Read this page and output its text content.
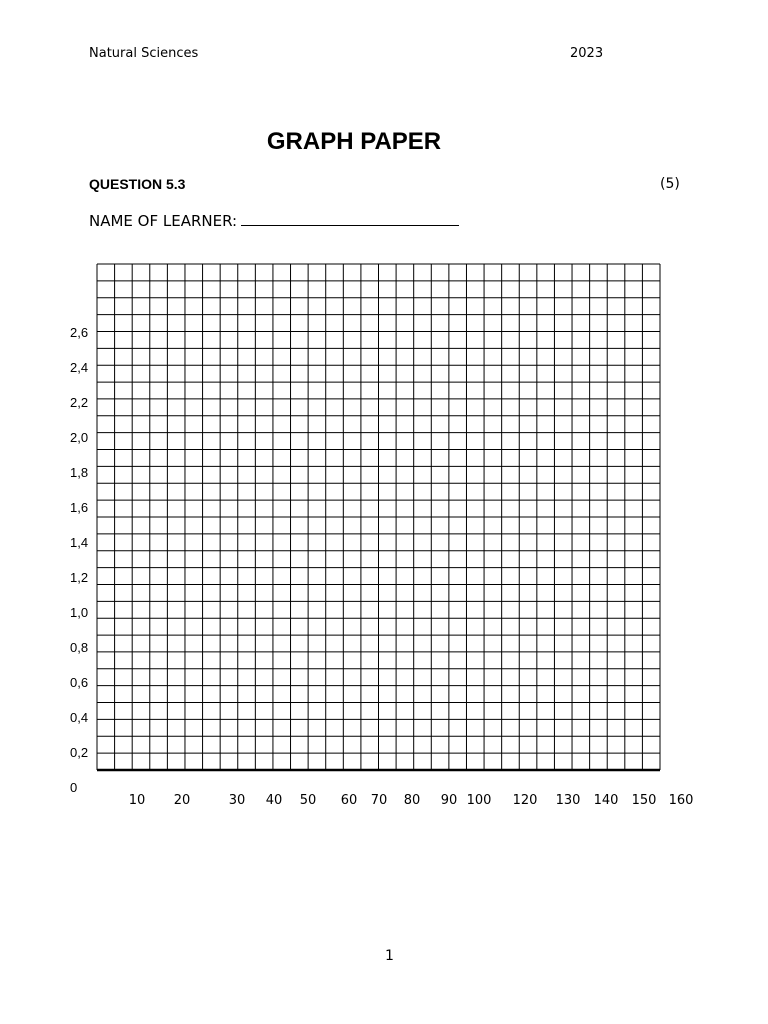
Natural Sciences	2023
GRAPH PAPER
QUESTION 5.3	(5)
NAME OF LEARNER:
2,6
2,4
2,2
2,0
1,8
1,6
1,4
1,2
1,0
0,8
0,6
0,4
0,2
0
10 20	30 40 50 60 70 80 90 100 120 130 140 150 160
1
